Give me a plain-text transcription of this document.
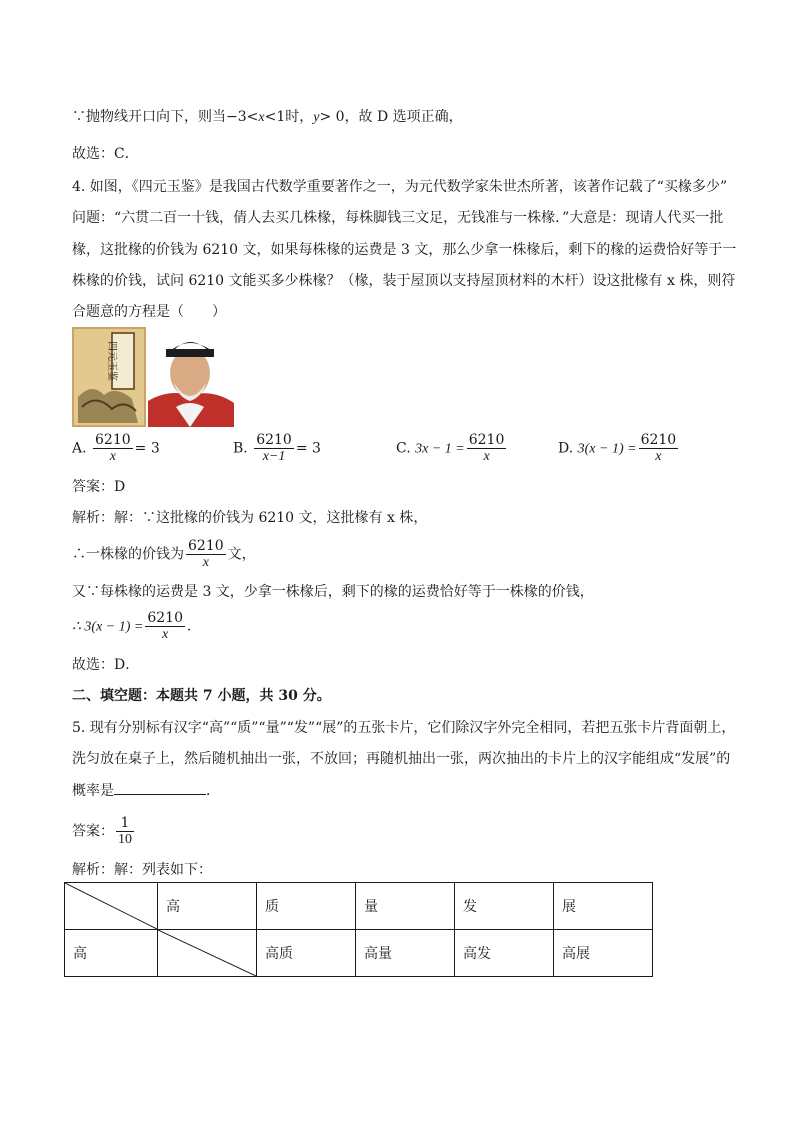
∵抛物线开口向下，则当−3<x<1时，y> 0，故 D 选项正确，
故选：C．
4. 如图，《四元玉鉴》是我国古代数学重要著作之一，为元代数学家朱世杰所著，该著作记载了“买椽多少”
问题：“六贯二百一十钱，倩人去买几株椽，每株脚钱三文足，无钱准与一株椽．”大意是：现请人代买一批
椽，这批椽的价钱为 6210 文，如果每株椽的运费是 3 文，那么少拿一株椽后，剩下的椽的运费恰好等于一
株椽的价钱，试问 6210 文能买多少株椽？（椽，装于屋顶以支持屋顶材料的木杆）设这批椽有 x 株，则符
合题意的方程是（　　）
四元玉鉴
A. $\frac{6210}{x} = 3$	B. $\frac{6210}{x-1} = 3$	C. $3x - 1 = \frac{6210}{x}$	D. $3(x - 1) = \frac{6210}{x}$
答案：D
解析：解：∵这批椽的价钱为 6210 文，这批椽有 x 株，
∴一株椽的价钱为 $\frac{6210}{x}$ 文，
又∵每株椽的运费是 3 文，少拿一株椽后，剩下的椽的运费恰好等于一株椽的价钱，
∴ $3(x - 1) = \frac{6210}{x}$ ．
故选：D．
二、填空题：本题共 7 小题，共 30 分。
5. 现有分别标有汉字“高”“质”“量”“发”“展”的五张卡片，它们除汉字外完全相同，若把五张卡片背面朝上，
洗匀放在桌子上，然后随机抽出一张，不放回；再随机抽出一张，两次抽出的卡片上的汉字能组成“发展”的
概率是	．
答案： $\frac{1}{10}$
解析：解：列表如下：
	高	质	量	发	展
高		高质	高量	高发	高展
